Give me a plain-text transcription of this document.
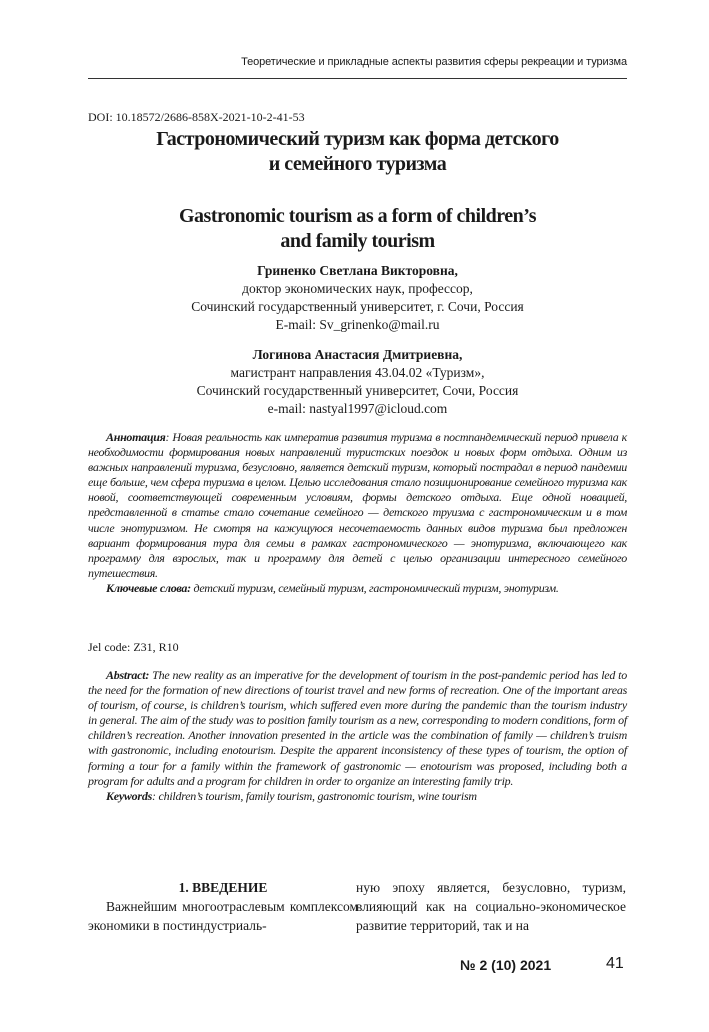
Теоретические и прикладные аспекты развития сферы рекреации и туризма
DOI: 10.18572/2686-858X-2021-10-2-41-53
Гастрономический туризм как форма детского
и семейного туризма
Gastronomic tourism as a form of children’s
and family tourism
Гриненко Светлана Викторовна,
доктор экономических наук, профессор,
Сочинский государственный университет, г. Сочи, Россия
E-mail: Sv_grinenko@mail.ru
Логинова Анастасия Дмитриевна,
магистрант направления 43.04.02 «Туризм»,
Сочинский государственный университет, Сочи, Россия
e-mail: nastyal1997@icloud.com

Аннотация: Новая реальность как императив развития туризма в постпандемический период привела к необходимости формирования новых направлений туристских поездок и новых форм отдыха. Одним из важных направлений туризма, безусловно, является детский туризм, который пострадал в период пандемии еще больше, чем сфера туризма в целом. Целью исследования стало позиционирование семейного туризма как новой, соответствующей современным условиям, формы детского отдыха. Еще одной новацией, представленной в статье стало сочетание семейного — детского труизма с гастрономическим и в том числе энотуризмом. Не смотря на кажущуюся несочетаемость данных видов туризма был предложен вариант формирования тура для семьи в рамках гастрономического — энотуризма, включающего как программу для взрослых, так и программу для детей с целью организации интересного семейного путешествия.

Ключевые слова: детский туризм, семейный туризм, гастрономический туризм, энотуризм.

Jel code: Z31, R10

Abstract: The new reality as an imperative for the development of tourism in the post-pandemic period has led to the need for the formation of new directions of tourist travel and new forms of recreation. One of the important areas of tourism, of course, is children’s tourism, which suffered even more during the pandemic than the tourism industry in general. The aim of the study was to position family tourism as a new, corresponding to modern conditions, form of children’s recreation. Another innovation presented in the article was the combination of family — children’s truism with gastronomic, including enotourism. Despite the apparent inconsistency of these types of tourism, the option of forming a tour for a family within the framework of gastronomic — enotourism was proposed, including both a program for adults and a program for children in order to organize an interesting family trip.

Keywords: children’s tourism, family tourism, gastronomic tourism, wine tourism

1. ВВЕДЕНИЕ

Важнейшим многоотраслевым комплексом экономики в постиндустриаль-

ную эпоху является, безусловно, туризм, влияющий как на социально-экономическое развитие территорий, так и на

№ 2 (10) 2021	41
